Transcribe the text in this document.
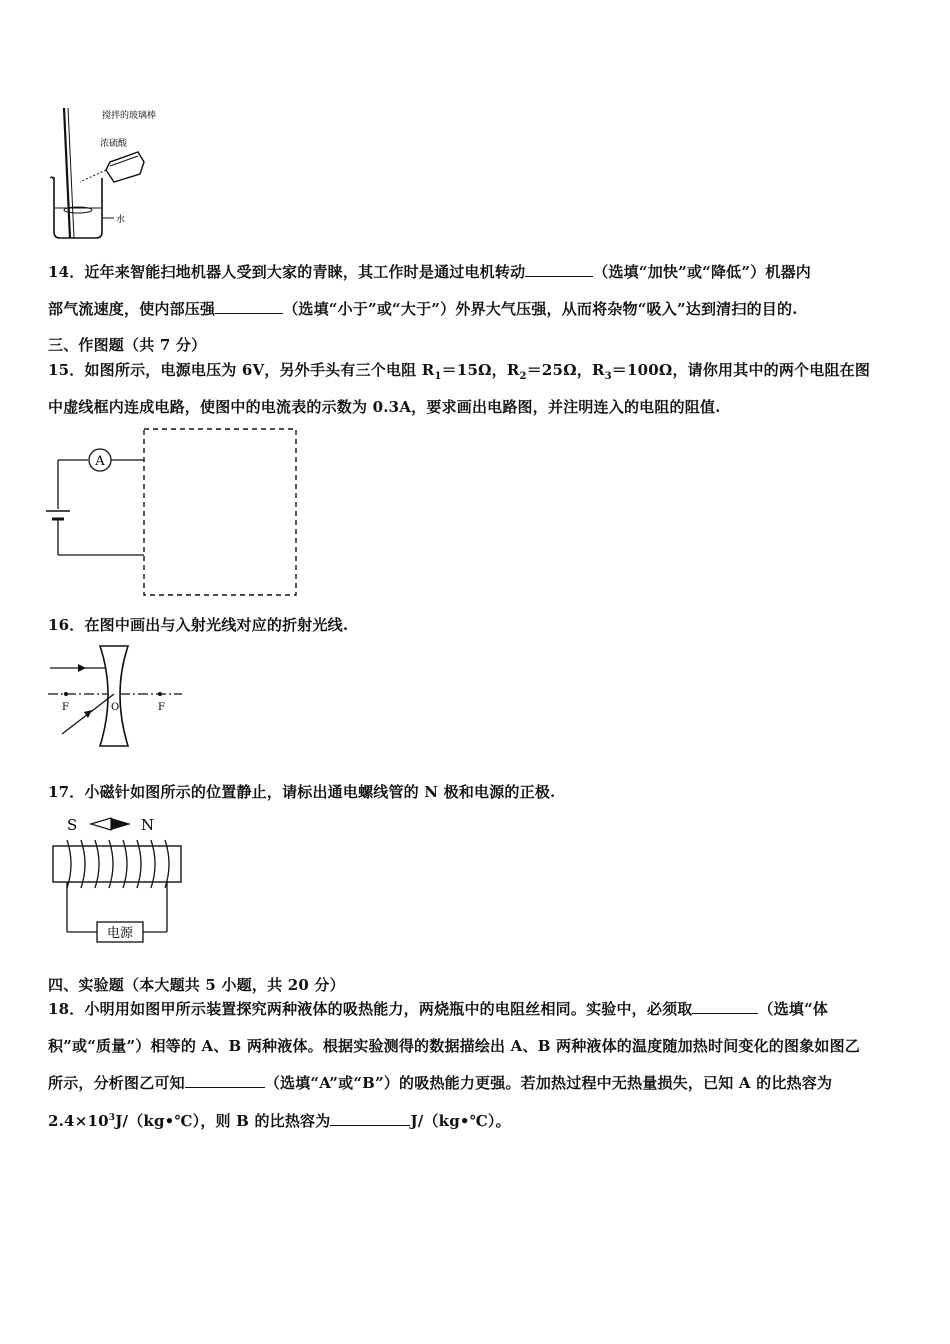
搅拌的玻璃棒
浓硫酸
水
14．近年来智能扫地机器人受到大家的青睐，其工作时是通过电机转动	（选填“加快”或“降低”）机器内
部气流速度，使内部压强	（选填“小于”或“大于”）外界大气压强，从而将杂物“吸入”达到清扫的目的.
三、作图题（共 7 分）
15．如图所示，电源电压为 6V，另外手头有三个电阻 $R_1=15\Omega$，$R_2=25\Omega$，$R_3=100\Omega$，请你用其中的两个电阻在图
中虚线框内连成电路，使图中的电流表的示数为 0.3A，要求画出电路图，并注明连入的电阻的阻值.
A
16．在图中画出与入射光线对应的折射光线.
F	O	F
17．小磁针如图所示的位置静止，请标出通电螺线管的 N 极和电源的正极.
S	N
电源
四、实验题（本大题共 5 小题，共 20 分）
18．小明用如图甲所示装置探究两种液体的吸热能力，两烧瓶中的电阻丝相同。实验中，必须取	（选填“体
积”或“质量”）相等的 A、B 两种液体。根据实验测得的数据描绘出 A、B 两种液体的温度随加热时间变化的图象如图乙
所示，分析图乙可知	（选填“A”或“B”）的吸热能力更强。若加热过程中无热量损失，已知 A 的比热容为
$2.4\times 10^3J/(kg•℃)$，则 B 的比热容为	J/（kg•℃）。
